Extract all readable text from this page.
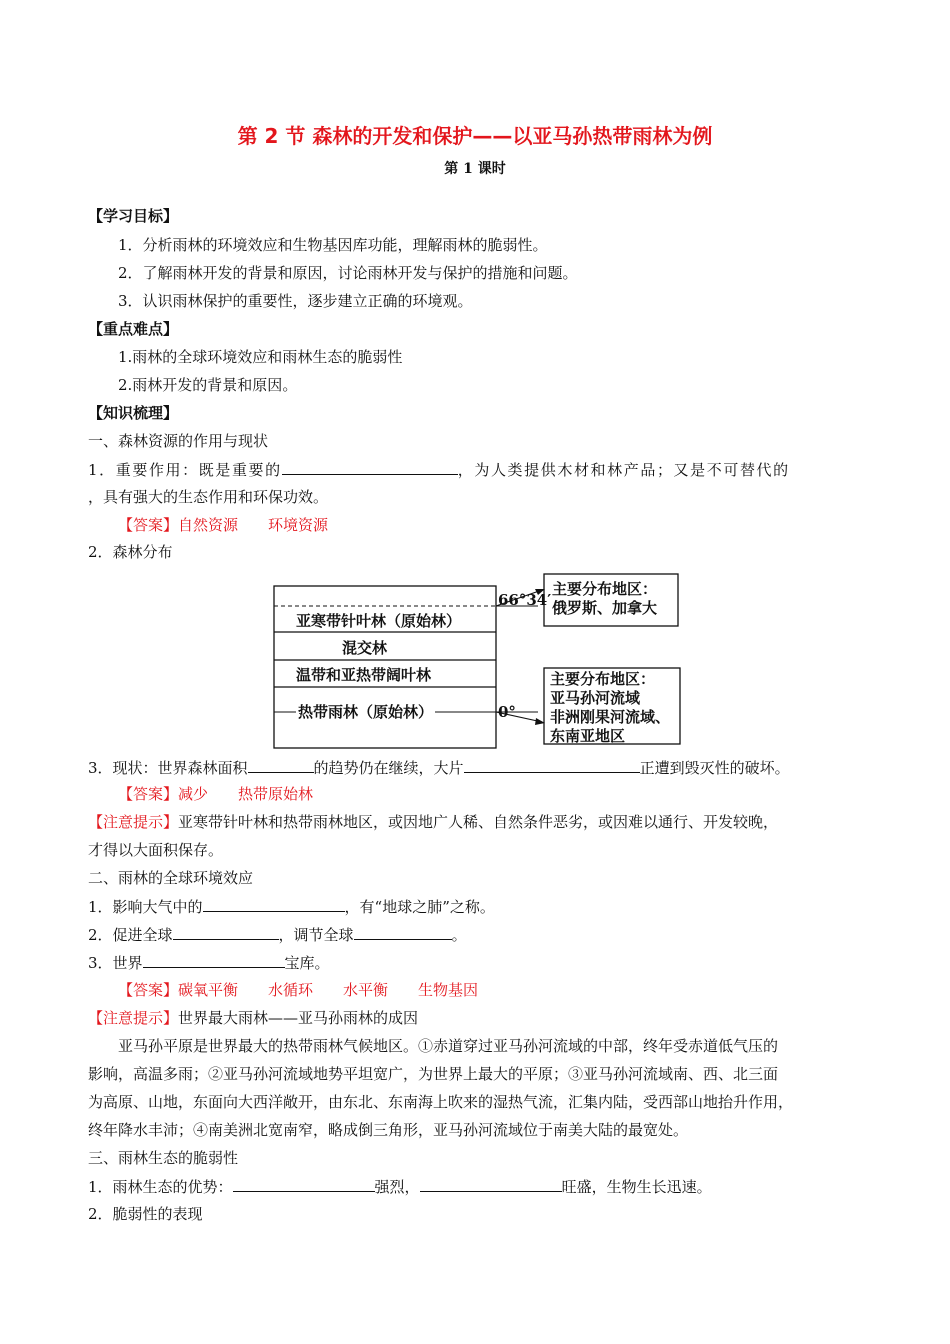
第 2 节 森林的开发和保护——以亚马孙热带雨林为例
第 1 课时
【学习目标】
1．分析雨林的环境效应和生物基因库功能，理解雨林的脆弱性。
2．了解雨林开发的背景和原因，讨论雨林开发与保护的措施和问题。
3．认识雨林保护的重要性，逐步建立正确的环境观。
【重点难点】
1.雨林的全球环境效应和雨林生态的脆弱性
2.雨林开发的背景和原因。
【知识梳理】
一、森林资源的作用与现状
1．重要作用：既是重要的	，为人类提供木材和林产品；又是不可替代的
，具有强大的生态作用和环保功效。
【答案】自然资源　　环境资源
2．森林分布
亚寒带针叶林（原始林）
混交林
温带和亚热带阔叶林
热带雨林（原始林）
66°34′
0°
主要分布地区：
俄罗斯、加拿大
主要分布地区：
亚马孙河流域
非洲刚果河流域、
东南亚地区
3．现状：世界森林面积	的趋势仍在继续，大片	正遭到毁灭性的破坏。
【答案】减少　　热带原始林
【注意提示】亚寒带针叶林和热带雨林地区，或因地广人稀、自然条件恶劣，或因难以通行、开发较晚，
才得以大面积保存。
二、雨林的全球环境效应
1．影响大气中的	，有“地球之肺”之称。
2．促进全球	，调节全球	。
3．世界	宝库。
【答案】碳氧平衡　　水循环　　水平衡　　生物基因
【注意提示】世界最大雨林——亚马孙雨林的成因
亚马孙平原是世界最大的热带雨林气候地区。①赤道穿过亚马孙河流域的中部，终年受赤道低气压的
影响，高温多雨；②亚马孙河流域地势平坦宽广，为世界上最大的平原；③亚马孙河流域南、西、北三面
为高原、山地，东面向大西洋敞开，由东北、东南海上吹来的湿热气流，汇集内陆，受西部山地抬升作用，
终年降水丰沛；④南美洲北宽南窄，略成倒三角形，亚马孙河流域位于南美大陆的最宽处。
三、雨林生态的脆弱性
1．雨林生态的优势：	强烈，	旺盛，生物生长迅速。
2．脆弱性的表现
